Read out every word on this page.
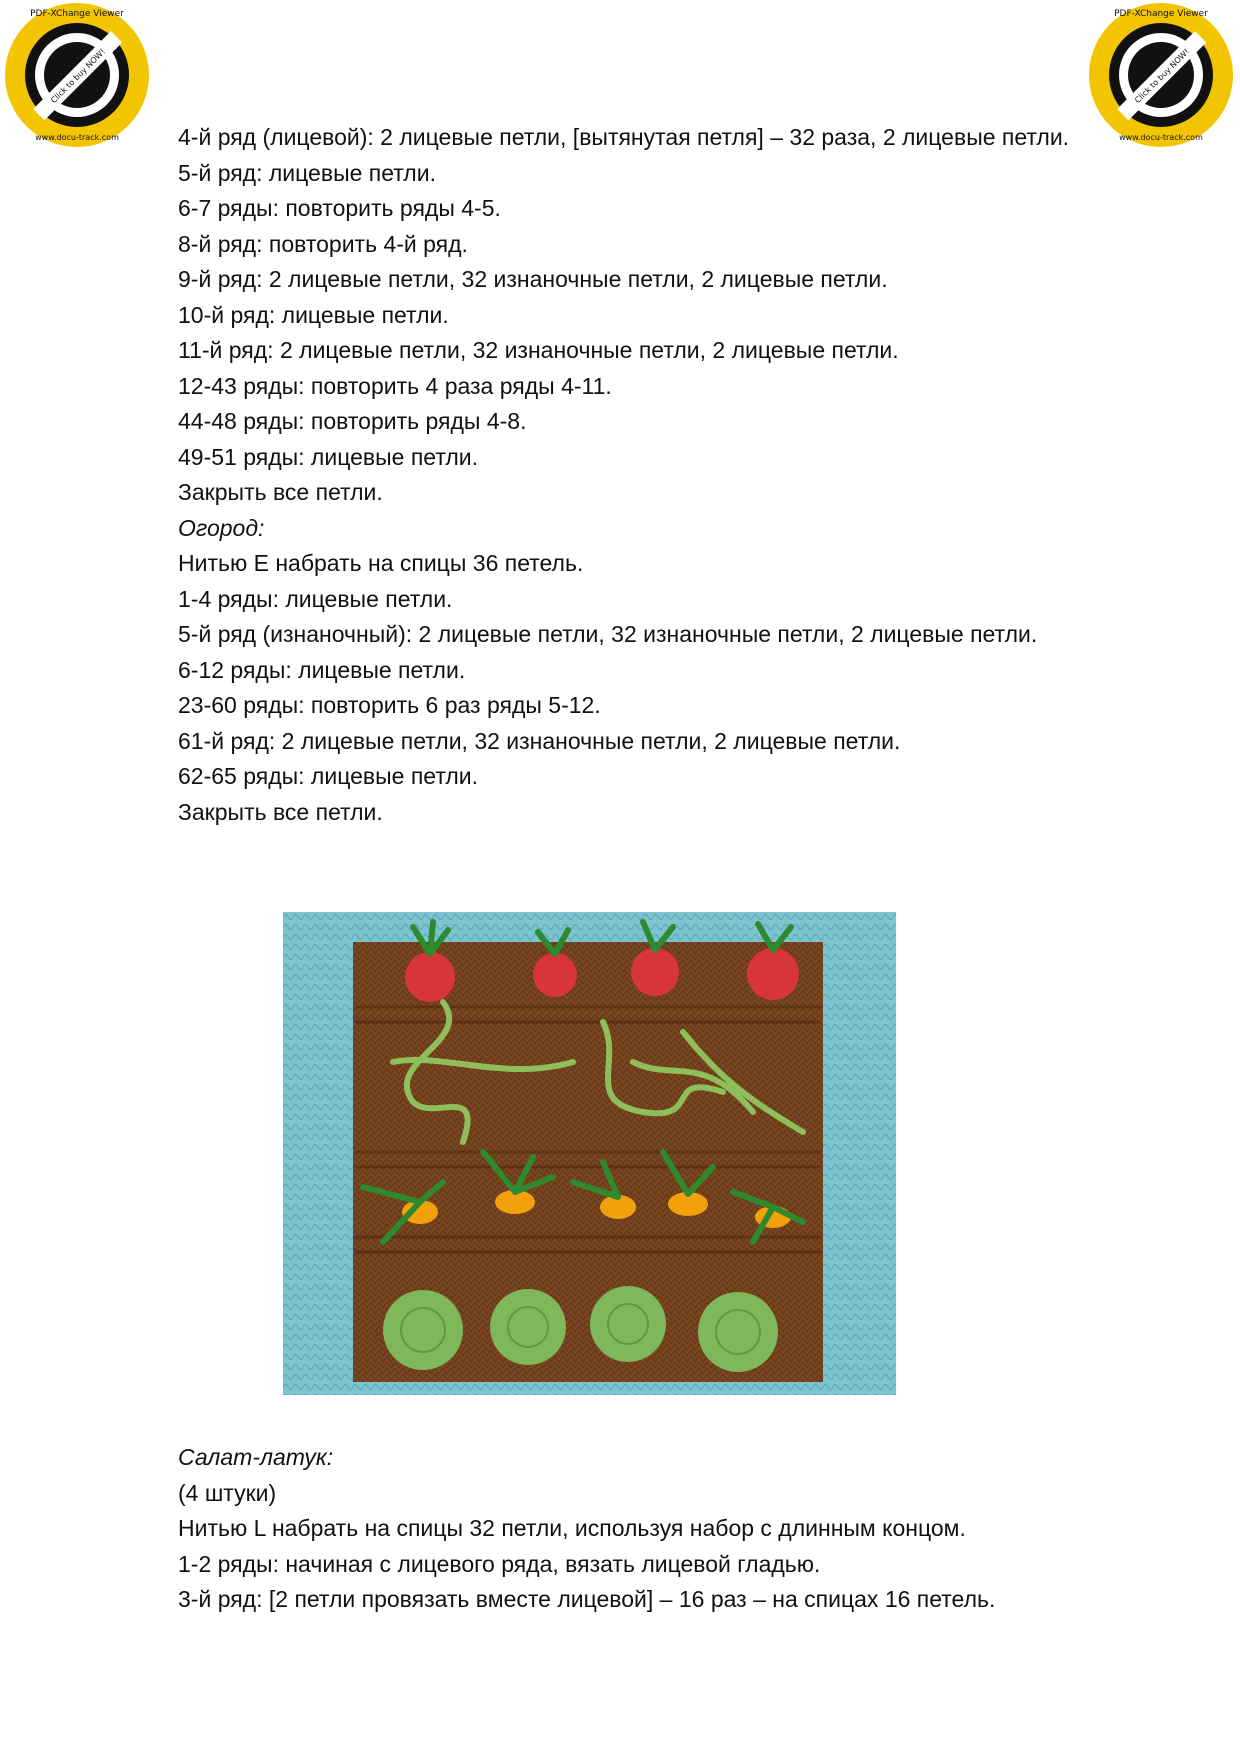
Click to buy NOW!
PDF-XChange Viewer
www.docu-track.com
Click to buy NOW!
PDF-XChange Viewer
www.docu-track.com

4-й ряд (лицевой): 2 лицевые петли, [вытянутая петля] – 32 раза, 2 лицевые петли.

5-й ряд: лицевые петли.

6-7 ряды: повторить ряды 4-5.

8-й ряд: повторить 4-й ряд.

9-й ряд: 2 лицевые петли, 32 изнаночные петли, 2 лицевые петли.

10-й ряд: лицевые петли.

11-й ряд: 2 лицевые петли, 32 изнаночные петли, 2 лицевые петли.

12-43 ряды: повторить 4 раза ряды 4-11.

44-48 ряды: повторить ряды 4-8.

49-51 ряды: лицевые петли.

Закрыть все петли.

Огород:

Нитью Е набрать на спицы 36 петель.

1-4 ряды: лицевые петли.

5-й ряд (изнаночный): 2 лицевые петли, 32 изнаночные петли, 2 лицевые петли.

6-12 ряды: лицевые петли.

23-60 ряды: повторить 6 раз ряды 5-12.

61-й ряд: 2 лицевые петли, 32 изнаночные петли, 2 лицевые петли.

62-65 ряды: лицевые петли.

Закрыть все петли.

Салат-латук:

(4 штуки)

Нитью L набрать на спицы 32 петли, используя набор с длинным концом.

1-2 ряды: начиная с лицевого ряда, вязать лицевой гладью.

3-й ряд: [2 петли провязать вместе лицевой] – 16 раз – на спицах 16 петель.
